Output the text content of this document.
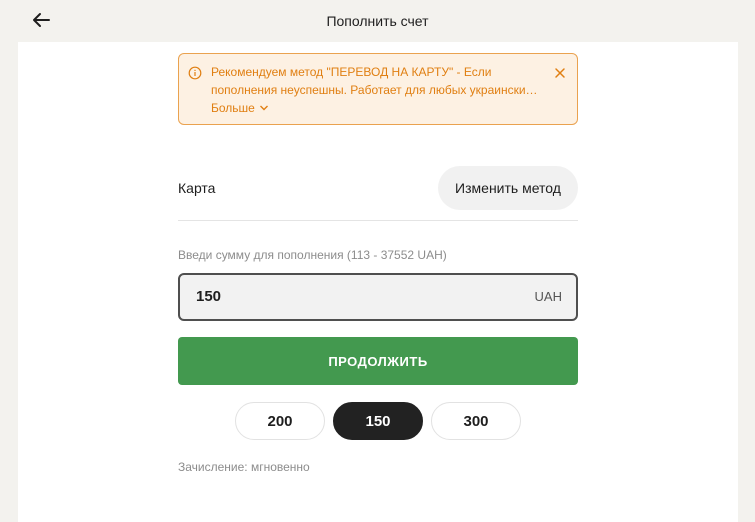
Пополнить счет
Рекомендуем метод "ПЕРЕВОД НА КАРТУ" - Если
пополнения неуспешны. Работает для любых украински…
Больше
Карта	Изменить метод
Введи сумму для пополнения (113 - 37552 UAH)
150	UAH
ПРОДОЛЖИТЬ
200	150	300
Зачисление: мгновенно
